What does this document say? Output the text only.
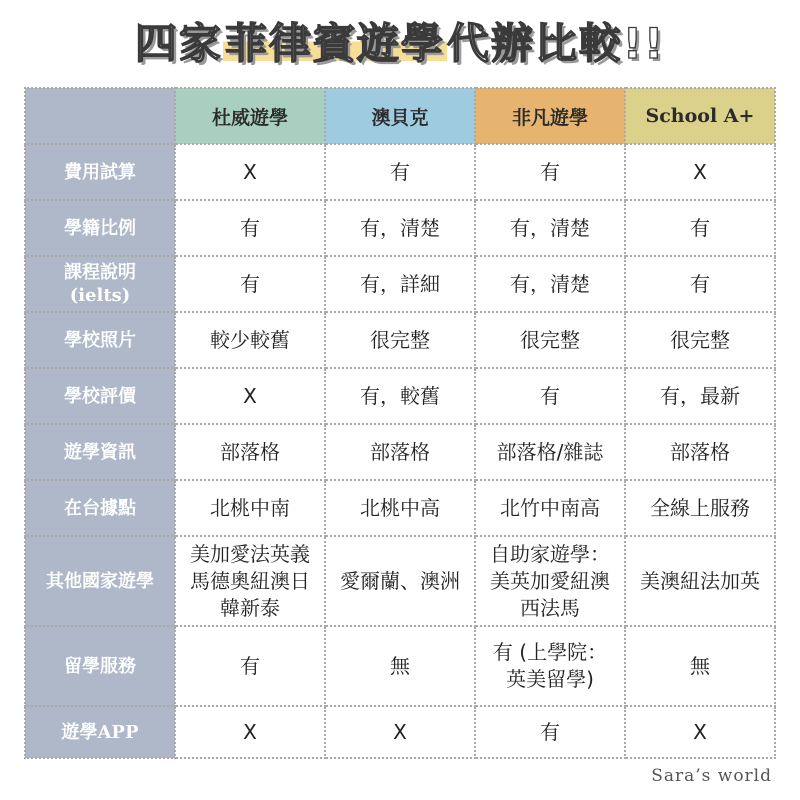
四家菲律賓遊學代辦比較!!
	杜威遊學	澳貝克	非凡遊學	School A+
費用試算	X	有	有	X
學籍比例	有	有，清楚	有，清楚	有
課程說明
(ielts)	有	有，詳細	有，清楚	有
學校照片	較少較舊	很完整	很完整	很完整
學校評價	X	有，較舊	有	有，最新
遊學資訊	部落格	部落格	部落格/雜誌	部落格
在台據點	北桃中南	北桃中高	北竹中南高	全線上服務
其他國家遊學	美加愛法英義
馬德奧紐澳日
韓新泰	愛爾蘭、澳洲	自助家遊學：
美英加愛紐澳
西法馬	美澳紐法加英
留學服務	有	無	有 (上學院：
英美留學)	無
遊學APP	X	X	有	X
Sara’s world
